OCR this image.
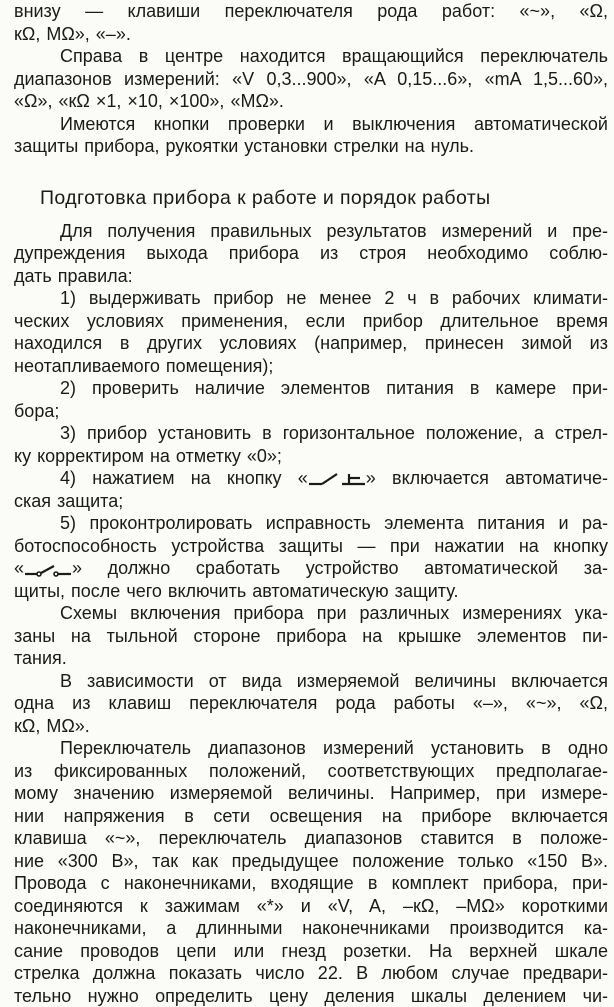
внизу — клавиши переключателя рода работ: «~», «Ω,
кΩ, МΩ», «–».

Справа в центре находится вращающийся переключатель
диапазонов измерений: «V 0,3...900», «A 0,15...6», «mA 1,5...60»,
«Ω», «кΩ ×1, ×10, ×100», «МΩ».

Имеются кнопки проверки и выключения автоматической
защиты прибора, рукоятки установки стрелки на нуль.

Подготовка прибора к работе и порядок работы

Для получения правильных результатов измерений и пре-
дупреждения выхода прибора из строя необходимо соблю-
дать правила:

1) выдерживать прибор не менее 2 ч в рабочих климати-
ческих условиях применения, если прибор длительное время
находился в других условиях (например, принесен зимой из
неотапливаемого помещения);

2) проверить наличие элементов питания в камере при-
бора;

3) прибор установить в горизонтальное положение, а стрел-
ку корректиром на отметку «0»;

4) нажатием на кнопку «	» включается автоматиче-
ская защита;

5) проконтролировать исправность элемента питания и ра-
ботоспособность устройства защиты — при нажатии на кнопку
«	» должно сработать устройство автоматической за-
щиты, после чего включить автоматическую защиту.

Схемы включения прибора при различных измерениях ука-
заны на тыльной стороне прибора на крышке элементов пи-
тания.

В зависимости от вида измеряемой величины включается
одна из клавиш переключателя рода работы «–», «~», «Ω,
кΩ, МΩ».

Переключатель диапазонов измерений установить в одно
из фиксированных положений, соответствующих предполагае-
мому значению измеряемой величины. Например, при измере-
нии напряжения в сети освещения на приборе включается
клавиша «~», переключатель диапазонов ставится в положе-
ние «300 В», так как предыдущее положение только «150 В».
Провода с наконечниками, входящие в комплект прибора, при-
соединяются к зажимам «*» и «V, A, –кΩ, –МΩ» короткими
наконечниками, а длинными наконечниками производится ка-
сание проводов цепи или гнезд розетки. На верхней шкале
стрелка должна показать число 22. В любом случае предвари-
тельно нужно определить цену деления шкалы делением чи-
